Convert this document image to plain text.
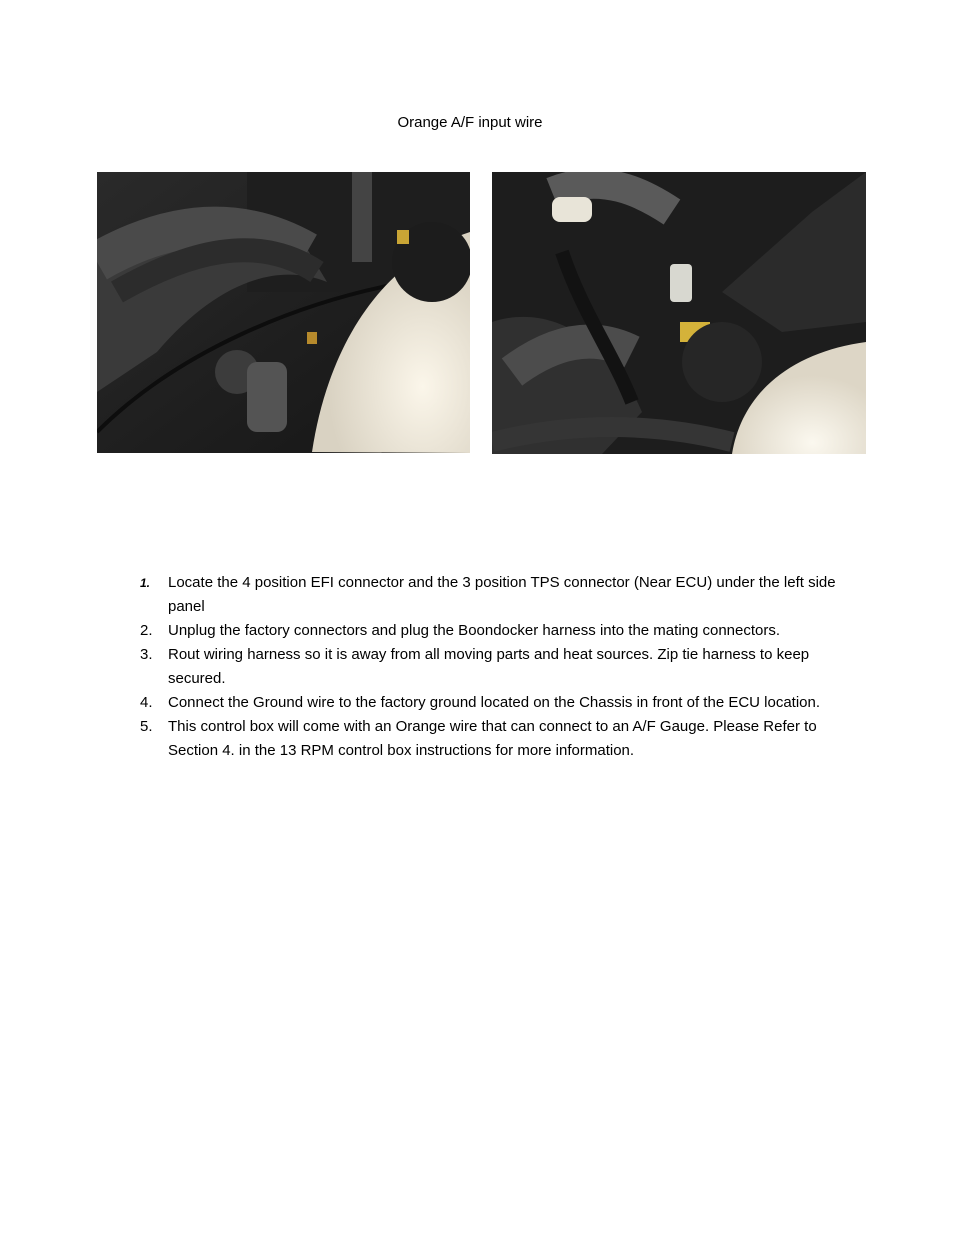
Orange A/F input wire
1. Locate the 4 position EFI connector and the 3 position TPS connector (Near ECU) under the left side panel
2. Unplug the factory connectors and plug the Boondocker harness into the mating connectors.
3. Rout wiring harness so it is away from all moving parts and heat sources. Zip tie harness to keep secured.
4. Connect the Ground wire to the factory ground located on the Chassis in front of the ECU location.
5. This control box will come with an Orange wire that can connect to an A/F Gauge. Please Refer to Section 4. in the 13 RPM control box instructions for more information.
